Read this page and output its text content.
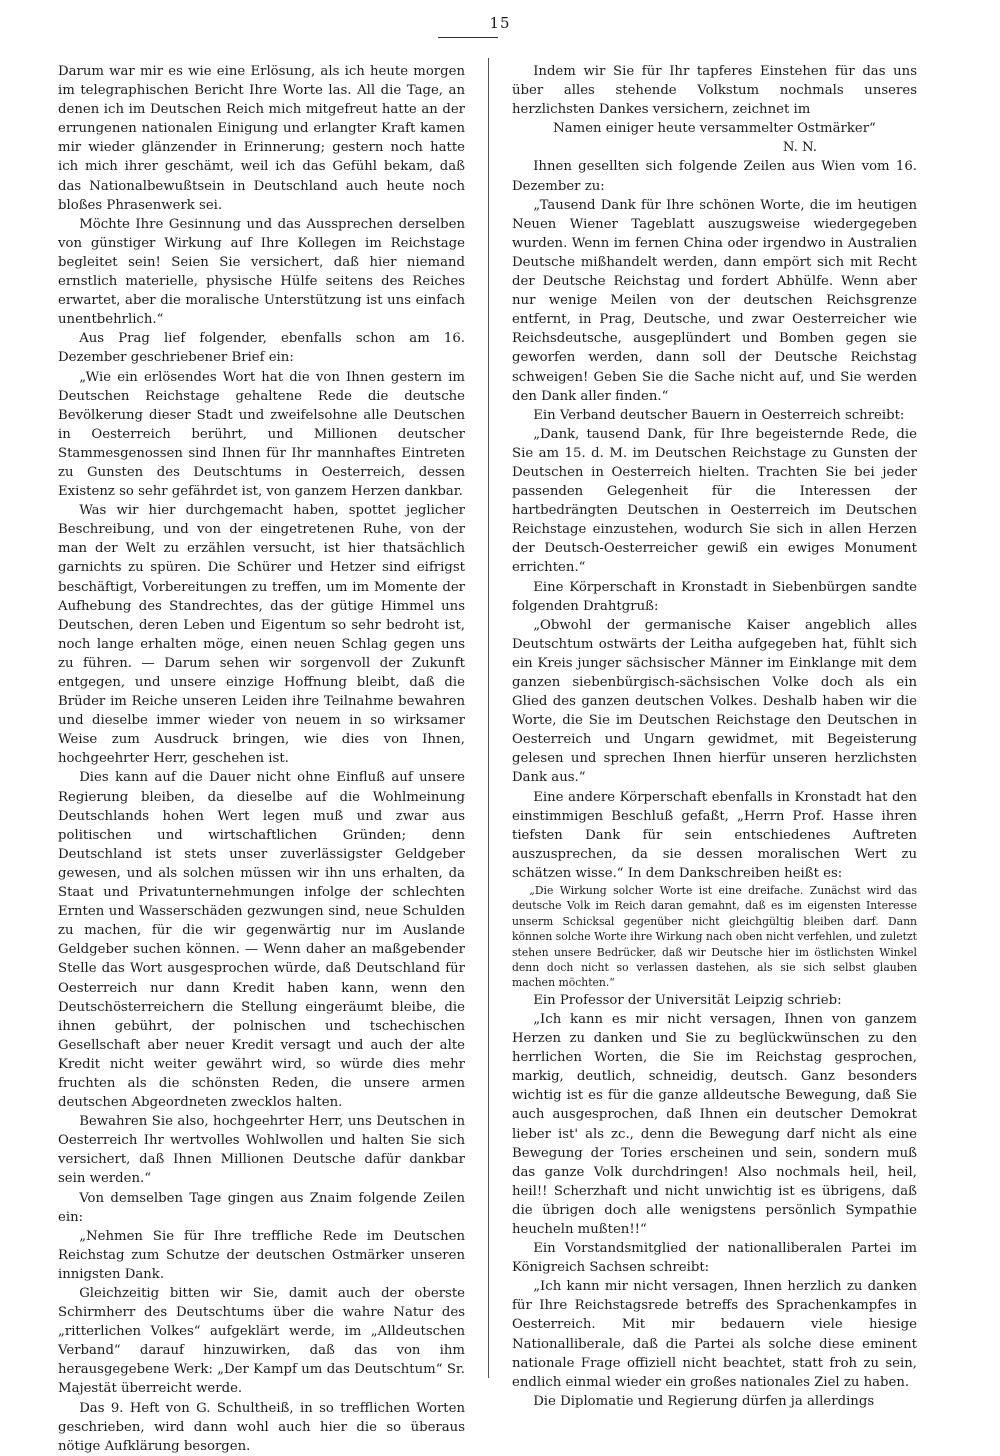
15

Darum war mir es wie eine Erlösung, als ich heute morgen im telegraphischen Bericht Ihre Worte las. All die Tage, an denen ich im Deutschen Reich mich mitgefreut hatte an der errungenen nationalen Einigung und erlangter Kraft kamen mir wieder glänzender in Erinnerung; gestern noch hatte ich mich ihrer geschämt, weil ich das Gefühl bekam, daß das Nationalbewußtsein in Deutschland auch heute noch bloßes Phrasenwerk sei.

Möchte Ihre Gesinnung und das Aussprechen derselben von günstiger Wirkung auf Ihre Kollegen im Reichstage begleitet sein! Seien Sie versichert, daß hier niemand ernstlich materielle, physische Hülfe seitens des Reiches erwartet, aber die moralische Unterstützung ist uns einfach unentbehrlich.“

Aus Prag lief folgender, ebenfalls schon am 16. Dezember geschriebener Brief ein:

„Wie ein erlösendes Wort hat die von Ihnen gestern im Deutschen Reichstage gehaltene Rede die deutsche Bevölkerung dieser Stadt und zweifelsohne alle Deutschen in Oesterreich berührt, und Millionen deutscher Stammesgenossen sind Ihnen für Ihr mannhaftes Eintreten zu Gunsten des Deutschtums in Oesterreich, dessen Existenz so sehr gefährdet ist, von ganzem Herzen dankbar.

Was wir hier durchgemacht haben, spottet jeglicher Beschreibung, und von der eingetretenen Ruhe, von der man der Welt zu erzählen versucht, ist hier thatsächlich garnichts zu spüren. Die Schürer und Hetzer sind eifrigst beschäftigt, Vorbereitungen zu treffen, um im Momente der Aufhebung des Standrechtes, das der gütige Himmel uns Deutschen, deren Leben und Eigentum so sehr bedroht ist, noch lange erhalten möge, einen neuen Schlag gegen uns zu führen. — Darum sehen wir sorgenvoll der Zukunft entgegen, und unsere einzige Hoffnung bleibt, daß die Brüder im Reiche unseren Leiden ihre Teilnahme bewahren und dieselbe immer wieder von neuem in so wirksamer Weise zum Ausdruck bringen, wie dies von Ihnen, hochgeehrter Herr, geschehen ist.

Dies kann auf die Dauer nicht ohne Einfluß auf unsere Regierung bleiben, da dieselbe auf die Wohlmeinung Deutschlands hohen Wert legen muß und zwar aus politischen und wirtschaftlichen Gründen; denn Deutschland ist stets unser zuverlässigster Geldgeber gewesen, und als solchen müssen wir ihn uns erhalten, da Staat und Privatunternehmungen infolge der schlechten Ernten und Wasserschäden gezwungen sind, neue Schulden zu machen, für die wir gegenwärtig nur im Auslande Geldgeber suchen können. — Wenn daher an maßgebender Stelle das Wort ausgesprochen würde, daß Deutschland für Oesterreich nur dann Kredit haben kann, wenn den Deutschösterreichern die Stellung eingeräumt bleibe, die ihnen gebührt, der polnischen und tschechischen Gesellschaft aber neuer Kredit versagt und auch der alte Kredit nicht weiter gewährt wird, so würde dies mehr fruchten als die schönsten Reden, die unsere armen deutschen Abgeordneten zwecklos halten.

Bewahren Sie also, hochgeehrter Herr, uns Deutschen in Oesterreich Ihr wertvolles Wohlwollen und halten Sie sich versichert, daß Ihnen Millionen Deutsche dafür dankbar sein werden.“

Von demselben Tage gingen aus Znaim folgende Zeilen ein:

„Nehmen Sie für Ihre treffliche Rede im Deutschen Reichstag zum Schutze der deutschen Ostmärker unseren innigsten Dank.

Gleichzeitig bitten wir Sie, damit auch der oberste Schirmherr des Deutschtums über die wahre Natur des „ritterlichen Volkes“ aufgeklärt werde, im „Alldeutschen Verband“ darauf hinzuwirken, daß das von ihm herausgegebene Werk: „Der Kampf um das Deutschtum“ Sr. Majestät überreicht werde.

Das 9. Heft von G. Schultheiß, in so trefflichen Worten geschrieben, wird dann wohl auch hier die so überaus nötige Aufklärung besorgen.

Indem wir Sie für Ihr tapferes Einstehen für das uns über alles stehende Volkstum nochmals unseres herzlichsten Dankes versichern, zeichnet im

Namen einiger heute versammelter Ostmärker“

N. N.

Ihnen gesellten sich folgende Zeilen aus Wien vom 16. Dezember zu:

„Tausend Dank für Ihre schönen Worte, die im heutigen Neuen Wiener Tageblatt auszugsweise wiedergegeben wurden. Wenn im fernen China oder irgendwo in Australien Deutsche mißhandelt werden, dann empört sich mit Recht der Deutsche Reichstag und fordert Abhülfe. Wenn aber nur wenige Meilen von der deutschen Reichsgrenze entfernt, in Prag, Deutsche, und zwar Oesterreicher wie Reichsdeutsche, ausgeplündert und Bomben gegen sie geworfen werden, dann soll der Deutsche Reichstag schweigen! Geben Sie die Sache nicht auf, und Sie werden den Dank aller finden.“

Ein Verband deutscher Bauern in Oesterreich schreibt:

„Dank, tausend Dank, für Ihre begeisternde Rede, die Sie am 15. d. M. im Deutschen Reichstage zu Gunsten der Deutschen in Oesterreich hielten. Trachten Sie bei jeder passenden Gelegenheit für die Interessen der hartbedrängten Deutschen in Oesterreich im Deutschen Reichstage einzustehen, wodurch Sie sich in allen Herzen der Deutsch-Oesterreicher gewiß ein ewiges Monument errichten.“

Eine Körperschaft in Kronstadt in Siebenbürgen sandte folgenden Drahtgruß:

„Obwohl der germanische Kaiser angeblich alles Deutschtum ostwärts der Leitha aufgegeben hat, fühlt sich ein Kreis junger sächsischer Männer im Einklange mit dem ganzen siebenbürgisch-sächsischen Volke doch als ein Glied des ganzen deutschen Volkes. Deshalb haben wir die Worte, die Sie im Deutschen Reichstage den Deutschen in Oesterreich und Ungarn gewidmet, mit Begeisterung gelesen und sprechen Ihnen hierfür unseren herzlichsten Dank aus.“

Eine andere Körperschaft ebenfalls in Kronstadt hat den einstimmigen Beschluß gefaßt, „Herrn Prof. Hasse ihren tiefsten Dank für sein entschiedenes Auftreten auszusprechen, da sie dessen moralischen Wert zu schätzen wisse.“ In dem Dankschreiben heißt es:

„Die Wirkung solcher Worte ist eine dreifache. Zunächst wird das deutsche Volk im Reich daran gemahnt, daß es im eigensten Interesse unserm Schicksal gegenüber nicht gleichgültig bleiben darf. Dann können solche Worte ihre Wirkung nach oben nicht verfehlen, und zuletzt stehen unsere Bedrücker, daß wir Deutsche hier im östlichsten Winkel denn doch nicht so verlassen dastehen, als sie sich selbst glauben machen möchten.“

Ein Professor der Universität Leipzig schrieb:

„Ich kann es mir nicht versagen, Ihnen von ganzem Herzen zu danken und Sie zu beglückwünschen zu den herrlichen Worten, die Sie im Reichstag gesprochen, markig, deutlich, schneidig, deutsch. Ganz besonders wichtig ist es für die ganze alldeutsche Bewegung, daß Sie auch ausgesprochen, daß Ihnen ein deutscher Demokrat lieber ist' als zc., denn die Bewegung darf nicht als eine Bewegung der Tories erscheinen und sein, sondern muß das ganze Volk durchdringen! Also nochmals heil, heil, heil!! Scherzhaft und nicht unwichtig ist es übrigens, daß die übrigen doch alle wenigstens persönlich Sympathie heucheln mußten!!“

Ein Vorstandsmitglied der nationalliberalen Partei im Königreich Sachsen schreibt:

„Ich kann mir nicht versagen, Ihnen herzlich zu danken für Ihre Reichstagsrede betreffs des Sprachenkampfes in Oesterreich. Mit mir bedauern viele hiesige Nationalliberale, daß die Partei als solche diese eminent nationale Frage offiziell nicht beachtet, statt froh zu sein, endlich einmal wieder ein großes nationales Ziel zu haben.

Die Diplomatie und Regierung dürfen ja allerdings
